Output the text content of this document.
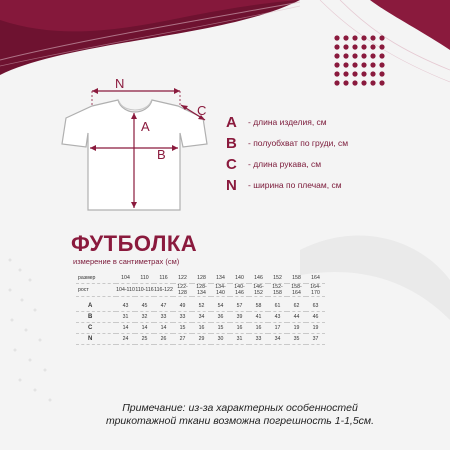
N
A
B
C
A	- длина изделия, см
B	- полуобхват по груди, см
C	- длина рукава, см
N	- ширина по плечам, см
ФУТБОЛКА
измерение в сантиметрах (см)
размер	104	110	116	122	128	134	140	146	152	158	164
рост	104-110	110-116	116-122	122-128	128-134	134-140	140-146	146-152	152-158	158-164	164-170

A	43	45	47	49	52	54	57	58	61	62	63
B	31	32	33	33	34	36	39	41	43	44	46
C	14	14	14	15	16	15	16	16	17	19	19
N	24	25	26	27	29	30	31	33	34	35	37
Примечание: из-за характерных особенностей
трикотажной ткани возможна погрешность 1-1,5см.
